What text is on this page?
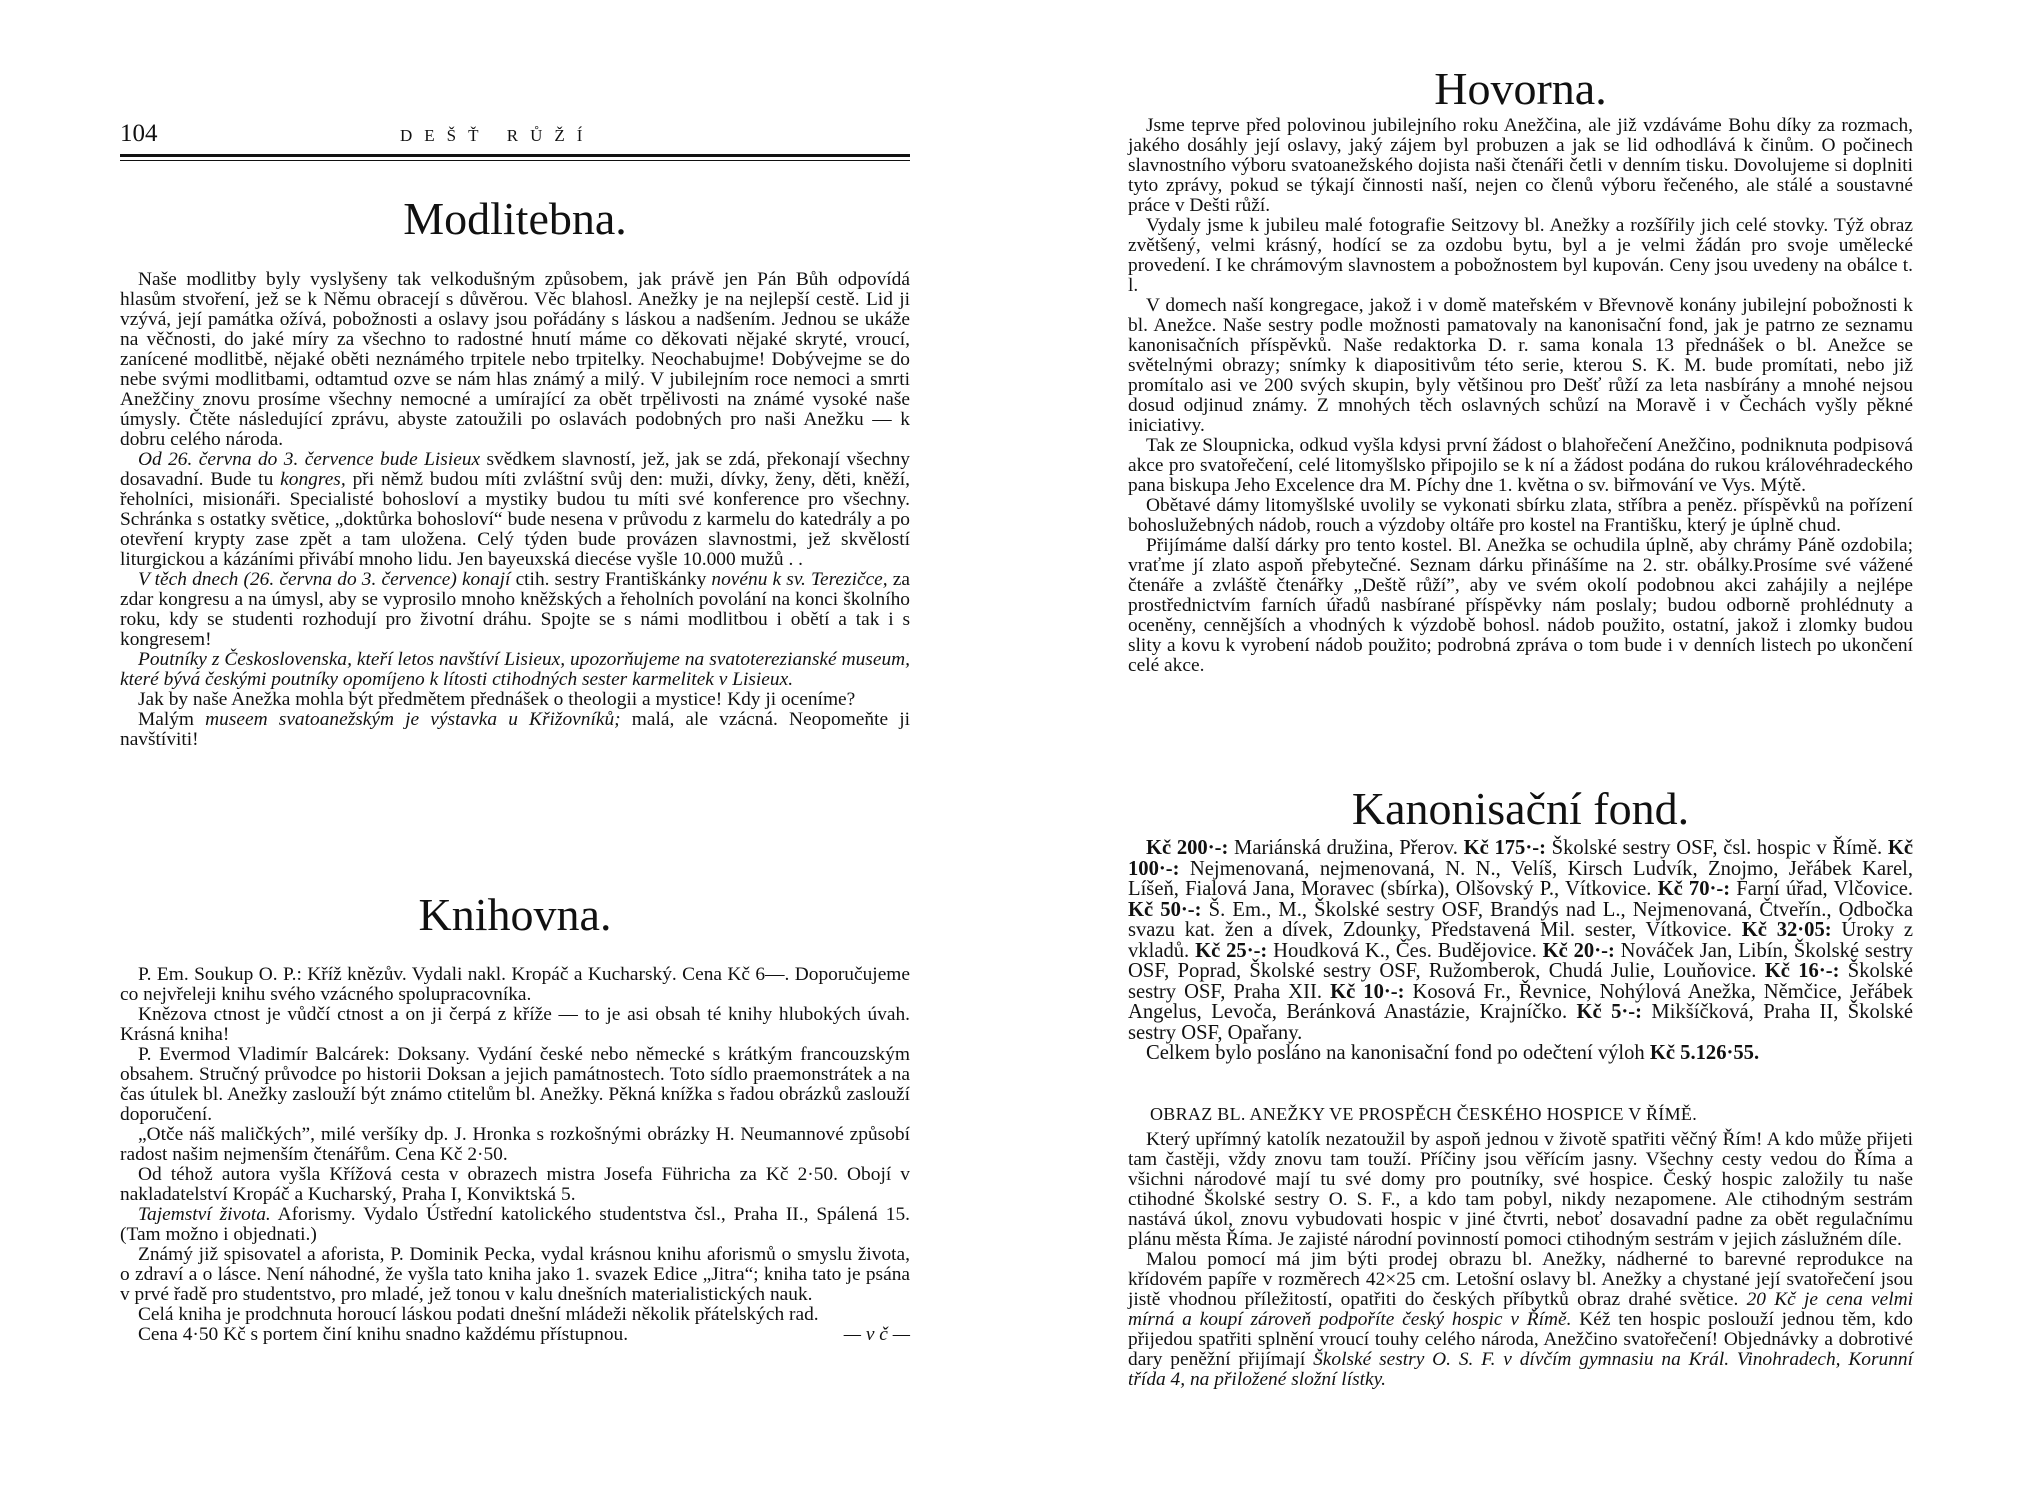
104	DEŠŤ RŮŽÍ
Modlitebna.

Naše modlitby byly vyslyšeny tak velkodušným způsobem, jak právě jen Pán Bůh odpovídá hlasům stvoření, jež se k Němu obracejí s důvěrou. Věc blahosl. Anežky je na nejlepší cestě. Lid ji vzývá, její památka ožívá, pobožnosti a oslavy jsou pořádány s láskou a nadšením. Jednou se ukáže na věčnosti, do jaké míry za všechno to radostné hnutí máme co děkovati nějaké skryté, vroucí, zanícené modlitbě, nějaké oběti neznámého trpitele nebo trpitelky. Neochabujme! Dobývejme se do nebe svými modlitbami, odtamtud ozve se nám hlas známý a milý. V jubilejním roce nemoci a smrti Anežčiny znovu prosíme všechny nemocné a umírající za obět trpělivosti na známé vysoké naše úmysly. Čtěte následující zprávu, abyste zatoužili po oslavách podobných pro naši Anežku — k dobru celého národa.

Od 26. června do 3. července bude Lisieux svědkem slavností, jež, jak se zdá, překonají všechny dosavadní. Bude tu kongres, při němž budou míti zvláštní svůj den: muži, dívky, ženy, děti, kněží, řeholníci, misionáři. Specialisté bohosloví a mystiky budou tu míti své konference pro všechny. Schránka s ostatky světice, „doktůrka bohosloví“ bude nesena v průvodu z karmelu do katedrály a po otevření krypty zase zpět a tam uložena. Celý týden bude provázen slavnostmi, jež skvělostí liturgickou a kázáními přivábí mnoho lidu. Jen bayeuxská diecése vyšle 10.000 mužů . .

V těch dnech (26. června do 3. července) konají ctih. sestry Františkánky novénu k sv. Terezičce, za zdar kongresu a na úmysl, aby se vyprosilo mnoho kněžských a řeholních povolání na konci školního roku, kdy se studenti rozhodují pro životní dráhu. Spojte se s námi modlitbou i obětí a tak i s kongresem!

Poutníky z Československa, kteří letos navštíví Lisieux, upozorňujeme na svatoterezianské museum, které bývá českými poutníky opomíjeno k lítosti ctihodných sester karmelitek v Lisieux.

Jak by naše Anežka mohla být předmětem přednášek o theologii a mystice! Kdy ji oceníme?

Malým museem svatoanežským je výstavka u Křižovníků; malá, ale vzácná. Neopomeňte ji navštíviti!

Knihovna.

P. Em. Soukup O. P.: Kříž knězův. Vydali nakl. Kropáč a Kucharský. Cena Kč 6—. Doporučujeme co nejvřeleji knihu svého vzácného spolupracovníka.

Knězova ctnost je vůdčí ctnost a on ji čerpá z kříže — to je asi obsah té knihy hlubokých úvah. Krásná kniha!

P. Evermod Vladimír Balcárek: Doksany. Vydání české nebo německé s krátkým francouzským obsahem. Stručný průvodce po historii Doksan a jejich památnostech. Toto sídlo praemonstrátek a na čas útulek bl. Anežky zaslouží být známo ctitelům bl. Anežky. Pěkná knížka s řadou obrázků zaslouží doporučení.

„Otče náš maličkých”, milé veršíky dp. J. Hronka s rozkošnými obrázky H. Neumannové způsobí radost našim nejmenším čtenářům. Cena Kč 2·50.

Od téhož autora vyšla Křížová cesta v obrazech mistra Josefa Führicha za Kč 2·50. Obojí v nakladatelství Kropáč a Kucharský, Praha I, Konviktská 5.

Tajemství života. Aforismy. Vydalo Ústřední katolického studentstva čsl., Praha II., Spálená 15. (Tam možno i objednati.)

Známý již spisovatel a aforista, P. Dominik Pecka, vydal krásnou knihu aforismů o smyslu života, o zdraví a o lásce. Není náhodné, že vyšla tato kniha jako 1. svazek Edice „Jitra“; kniha tato je psána v prvé řadě pro studentstvo, pro mladé, jež tonou v kalu dnešních materialistických nauk.

Celá kniha je prodchnuta horoucí láskou podati dnešní mládeži několik přátelských rad.

— v č —
Cena 4·50 Kč s portem činí knihu snadno každému přístupnou.

Hovorna.

Jsme teprve před polovinou jubilejního roku Anežčina, ale již vzdáváme Bohu díky za rozmach, jakého dosáhly její oslavy, jaký zájem byl probuzen a jak se lid odhodlává k činům. O počinech slavnostního výboru svatoanežského dojista naši čtenáři četli v denním tisku. Dovolujeme si doplniti tyto zprávy, pokud se týkají činnosti naší, nejen co členů výboru řečeného, ale stálé a soustavné práce v Dešti růží.

Vydaly jsme k jubileu malé fotografie Seitzovy bl. Anežky a rozšířily jich celé stovky. Týž obraz zvětšený, velmi krásný, hodící se za ozdobu bytu, byl a je velmi žádán pro svoje umělecké provedení. I ke chrámovým slavnostem a pobožnostem byl kupován. Ceny jsou uvedeny na obálce t. l.

V domech naší kongregace, jakož i v domě mateřském v Břevnově konány jubilejní pobožnosti k bl. Anežce. Naše sestry podle možnosti pamatovaly na kanonisační fond, jak je patrno ze seznamu kanonisačních příspěvků. Naše redaktorka D. r. sama konala 13 přednášek o bl. Anežce se světelnými obrazy; snímky k diapositivům této serie, kterou S. K. M. bude promítati, nebo již promítalo asi ve 200 svých skupin, byly většinou pro Dešť růží za leta nasbírány a mnohé nejsou dosud odjinud známy. Z mnohých těch oslavných schůzí na Moravě i v Čechách vyšly pěkné iniciativy.

Tak ze Sloupnicka, odkud vyšla kdysi první žádost o blahořečení Anežčino, podniknuta podpisová akce pro svatořečení, celé litomyšlsko připojilo se k ní a žádost podána do rukou královéhradeckého pana biskupa Jeho Excelence dra M. Píchy dne 1. května o sv. biřmování ve Vys. Mýtě.

Obětavé dámy litomyšlské uvolily se vykonati sbírku zlata, stříbra a peněz. příspěvků na pořízení bohoslužebných nádob, rouch a výzdoby oltáře pro kostel na Františku, který je úplně chud.

Přijímáme další dárky pro tento kostel. Bl. Anežka se ochudila úplně, aby chrámy Páně ozdobila; vraťme jí zlato aspoň přebytečné. Seznam dárku přinášíme na 2. str. obálky.Prosíme své vážené čtenáře a zvláště čtenářky „Deště růží”, aby ve svém okolí podobnou akci zahájily a nejlépe prostřednictvím farních úřadů nasbírané příspěvky nám poslaly; budou odborně prohlédnuty a oceněny, cennějších a vhodných k výzdobě bohosl. nádob použito, ostatní, jakož i zlomky budou slity a kovu k vyrobení nádob použito; podrobná zpráva o tom bude i v denních listech po ukončení celé akce.

Kanonisační fond.

Kč 200·-: Mariánská družina, Přerov. Kč 175·-: Školské sestry OSF, čsl. hospic v Římě. Kč 100·-: Nejmenovaná, nejmenovaná, N. N., Velíš, Kirsch Ludvík, Znojmo, Jeřábek Karel, Líšeň, Fialová Jana, Moravec (sbírka), Olšovský P., Vítkovice. Kč 70·-: Farní úřad, Vlčovice. Kč 50·-: Š. Em., M., Školské sestry OSF, Brandýs nad L., Nejmenovaná, Čtveřín., Odbočka svazu kat. žen a dívek, Zdounky, Představená Mil. sester, Vítkovice. Kč 32·05: Úroky z vkladů. Kč 25·-: Houdková K., Čes. Budějovice. Kč 20·-: Nováček Jan, Libín, Školské sestry OSF, Poprad, Školské sestry OSF, Ružomberok, Chudá Julie, Louňovice. Kč 16·-: Školské sestry OSF, Praha XII. Kč 10·-: Kosová Fr., Řevnice, Nohýlová Anežka, Němčice, Jeřábek Angelus, Levoča, Beránková Anastázie, Krajníčko. Kč 5·-: Mikšíčková, Praha II, Školské sestry OSF, Opařany.

Celkem bylo posláno na kanonisační fond po odečtení výloh Kč 5.126·55.

OBRAZ BL. ANEŽKY VE PROSPĚCH ČESKÉHO HOSPICE V ŘÍMĚ.

Který upřímný katolík nezatoužil by aspoň jednou v životě spatřiti věčný Řím! A kdo může přijeti tam častěji, vždy znovu tam touží. Příčiny jsou věřícím jasny. Všechny cesty vedou do Říma a všichni národové mají tu své domy pro poutníky, své hospice. Český hospic založily tu naše ctihodné Školské sestry O. S. F., a kdo tam pobyl, nikdy nezapomene. Ale ctihodným sestrám nastává úkol, znovu vybudovati hospic v jiné čtvrti, neboť dosavadní padne za obět regulačnímu plánu města Říma. Je zajisté národní povinností pomoci ctihodným sestrám v jejich záslužném díle.

Malou pomocí má jim býti prodej obrazu bl. Anežky, nádherné to barevné reprodukce na křídovém papíře v rozměrech 42×25 cm. Letošní oslavy bl. Anežky a chystané její svatořečení jsou jistě vhodnou příležitostí, opatřiti do českých příbytků obraz drahé světice. 20 Kč je cena velmi mírná a koupí zároveň podpoříte český hospic v Římě. Kéž ten hospic poslouží jednou těm, kdo přijedou spatřiti splnění vroucí touhy celého národa, Anežčino svatořečení! Objednávky a dobrotivé dary peněžní přijímají Školské sestry O. S. F. v dívčím gymnasiu na Král. Vinohradech, Korunní třída 4, na přiložené složní lístky.
